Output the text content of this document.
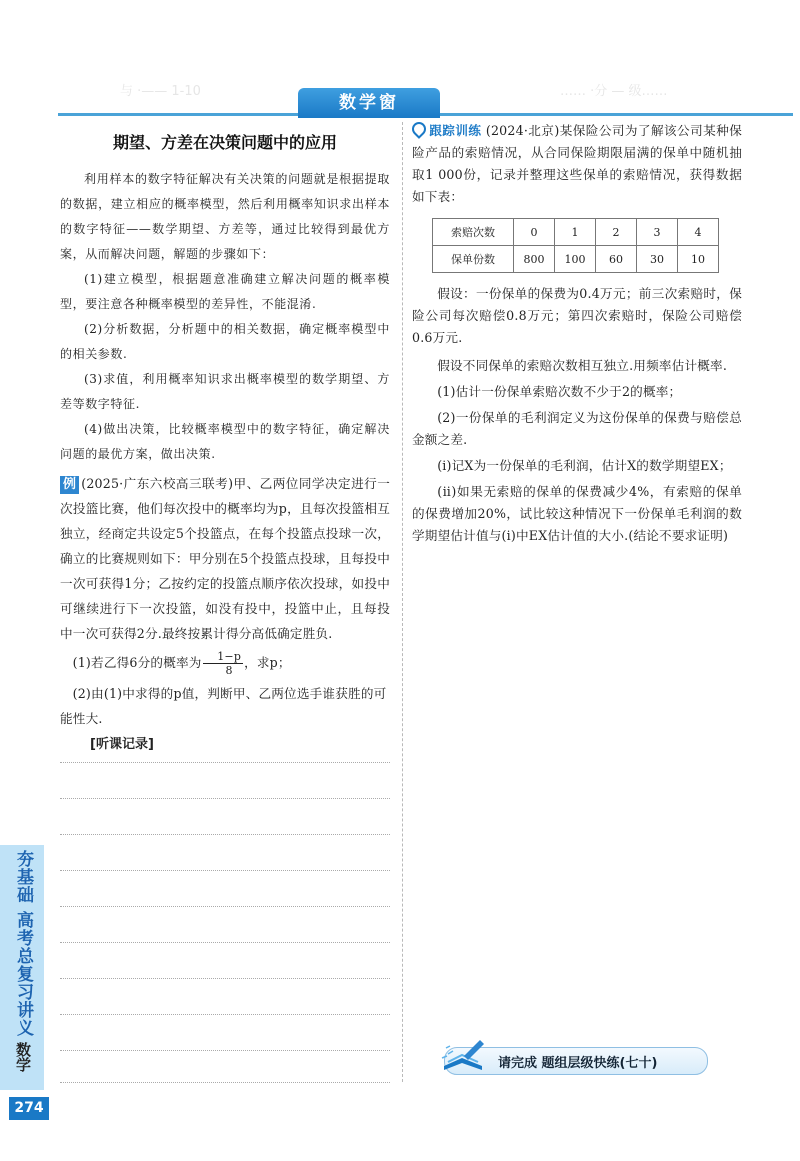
与 ·—— 1-10	…… ·分 — 级……
数学窗
期望、方差在决策问题中的应用

利用样本的数字特征解决有关决策的问题就是根据提取的数据，建立相应的概率模型，然后利用概率知识求出样本的数字特征——数学期望、方差等，通过比较得到最优方案，从而解决问题，解题的步骤如下：

(1)建立模型，根据题意准确建立解决问题的概率模型，要注意各种概率模型的差异性，不能混淆.

(2)分析数据，分析题中的相关数据，确定概率模型中的相关参数.

(3)求值，利用概率知识求出概率模型的数学期望、方差等数字特征.

(4)做出决策，比较概率模型中的数字特征，确定解决问题的最优方案，做出决策.

例 (2025·广东六校高三联考)甲、乙两位同学决定进行一次投篮比赛，他们每次投中的概率均为p，且每次投篮相互独立，经商定共设定5个投篮点，在每个投篮点投球一次，确立的比赛规则如下：甲分别在5个投篮点投球，且每投中一次可获得1分；乙按约定的投篮点顺序依次投球，如投中可继续进行下一次投篮，如没有投中，投篮中止，且每投中一次可获得2分.最终按累计得分高低确定胜负.

(1)若乙得6分的概率为 $\frac{1-p}{8}$ ，求p；

(2)由(1)中求得的p值，判断甲、乙两位选手谁获胜的可能性大.

[听课记录]

跟踪训练 (2024·北京)某保险公司为了解该公司某种保险产品的索赔情况，从合同保险期限届满的保单中随机抽取1 000份，记录并整理这些保单的索赔情况，获得数据如下表：

索赔次数	0	1	2	3	4
保单份数	800	100	60	30	10

假设：一份保单的保费为0.4万元；前三次索赔时，保险公司每次赔偿0.8万元；第四次索赔时，保险公司赔偿0.6万元.

假设不同保单的索赔次数相互独立.用频率估计概率.

(1)估计一份保单索赔次数不少于2的概率；

(2)一份保单的毛利润定义为这份保单的保费与赔偿总金额之差.

(ⅰ)记X为一份保单的毛利润，估计X的数学期望EX；

(ⅱ)如果无索赔的保单的保费减少4%，有索赔的保单的保费增加20%，试比较这种情况下一份保单毛利润的数学期望估计值与(ⅰ)中EX估计值的大小.(结论不要求证明)

请完成 题组层级快练(七十)
夯基础 高考总复习讲义
数学
274
